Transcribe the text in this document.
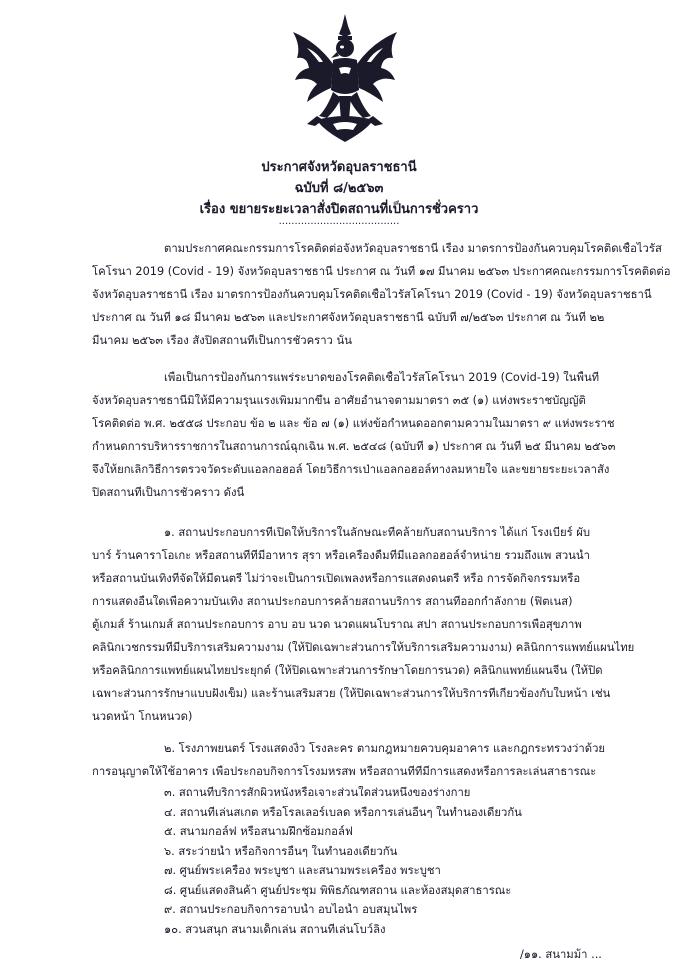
ประกาศจังหวัดอุบลราชธานี
ฉบับที่ ๘/๒๕๖๓
เรื่อง ขยายระยะเวลาสั่งปิดสถานที่เป็นการชั่วคราว
......................................
ตามประกาศคณะกรรมการโรคติดต่อจังหวัดอุบลราชธานี เรื่อง มาตรการป้องกันควบคุมโรคติดเชื้อไวรัส
โคโรนา 2019 (Covid - 19) จังหวัดอุบลราชธานี ประกาศ ณ วันที่ ๑๗ มีนาคม ๒๕๖๓ ประกาศคณะกรรมการโรคติดต่อ
จังหวัดอุบลราชธานี เรื่อง มาตรการป้องกันควบคุมโรคติดเชื้อไวรัสโคโรนา 2019 (Covid - 19) จังหวัดอุบลราชธานี
ประกาศ ณ วันที่ ๑๘ มีนาคม ๒๕๖๓ และประกาศจังหวัดอุบลราชธานี ฉบับที่ ๗/๒๕๖๓ ประกาศ ณ วันที่ ๒๒
มีนาคม ๒๕๖๓ เรื่อง สั่งปิดสถานที่เป็นการชั่วคราว นั้น
เพื่อเป็นการป้องกันการแพร่ระบาดของโรคติดเชื้อไวรัสโคโรนา 2019 (Covid-19) ในพื้นที่
จังหวัดอุบลราชธานีมิให้มีความรุนแรงเพิ่มมากขึ้น อาศัยอำนาจตามมาตรา ๓๕ (๑) แห่งพระราชบัญญัติ
โรคติดต่อ พ.ศ. ๒๕๕๘ ประกอบ ข้อ ๒ และ ข้อ ๗ (๑) แห่งข้อกำหนดออกตามความในมาตรา ๙ แห่งพระราช
กำหนดการบริหารราชการในสถานการณ์ฉุกเฉิน พ.ศ. ๒๕๔๘ (ฉบับที่ ๑) ประกาศ ณ วันที่ ๒๕ มีนาคม ๒๕๖๓
จึงให้ยกเลิกวิธีการตรวจวัดระดับแอลกอฮอล์ โดยวิธีการเป่าแอลกอฮอล์ทางลมหายใจ และขยายระยะเวลาสั่ง
ปิดสถานที่เป็นการชั่วคราว ดังนี้
๑. สถานประกอบการที่เปิดให้บริการในลักษณะที่คล้ายกับสถานบริการ ได้แก่ โรงเบียร์ ผับ
บาร์ ร้านคาราโอเกะ หรือสถานที่ที่มีอาหาร สุรา หรือเครื่องดื่มที่มีแอลกอฮอล์จำหน่าย รวมถึงแพ สวนน้ำ
หรือสถานบันเทิงที่จัดให้มีดนตรี ไม่ว่าจะเป็นการเปิดเพลงหรือการแสดงดนตรี หรือ การจัดกิจกรรมหรือ
การแสดงอื่นใดเพื่อความบันเทิง สถานประกอบการคล้ายสถานบริการ สถานที่ออกกำลังกาย (ฟิตเนส)
ตู้เกมส์ ร้านเกมส์ สถานประกอบการ อาบ อบ นวด นวดแผนโบราณ สปา สถานประกอบการเพื่อสุขภาพ
คลินิกเวชกรรมที่มีบริการเสริมความงาม (ให้ปิดเฉพาะส่วนการให้บริการเสริมความงาม) คลินิกการแพทย์แผนไทย
หรือคลินิกการแพทย์แผนไทยประยุกต์ (ให้ปิดเฉพาะส่วนการรักษาโดยการนวด) คลินิกแพทย์แผนจีน (ให้ปิด
เฉพาะส่วนการรักษาแบบฝังเข็ม) และร้านเสริมสวย (ให้ปิดเฉพาะส่วนการให้บริการที่เกี่ยวข้องกับใบหน้า เช่น
นวดหน้า โกนหนวด)
๒. โรงภาพยนตร์ โรงแสดงงิ้ว โรงละคร ตามกฎหมายควบคุมอาคาร และกฎกระทรวงว่าด้วย
การอนุญาตให้ใช้อาคาร เพื่อประกอบกิจการโรงมหรสพ หรือสถานที่ที่มีการแสดงหรือการละเล่นสาธารณะ
๓. สถานที่บริการสักผิวหนังหรือเจาะส่วนใดส่วนหนึ่งของร่างกาย
๔. สถานที่เล่นสเกต หรือโรลเลอร์เบลด หรือการเล่นอื่นๆ ในทำนองเดียวกัน
๕. สนามกอล์ฟ หรือสนามฝึกซ้อมกอล์ฟ
๖. สระว่ายน้ำ หรือกิจการอื่นๆ ในทำนองเดียวกัน
๗. ศูนย์พระเครื่อง พระบูชา และสนามพระเครื่อง พระบูชา
๘. ศูนย์แสดงสินค้า ศูนย์ประชุม พิพิธภัณฑสถาน และห้องสมุดสาธารณะ
๙. สถานประกอบกิจการอาบน้ำ อบไอน้ำ อบสมุนไพร
๑๐. สวนสนุก สนามเด็กเล่น สถานที่เล่นโบว์ลิ่ง
/๑๑. สนามม้า ...
